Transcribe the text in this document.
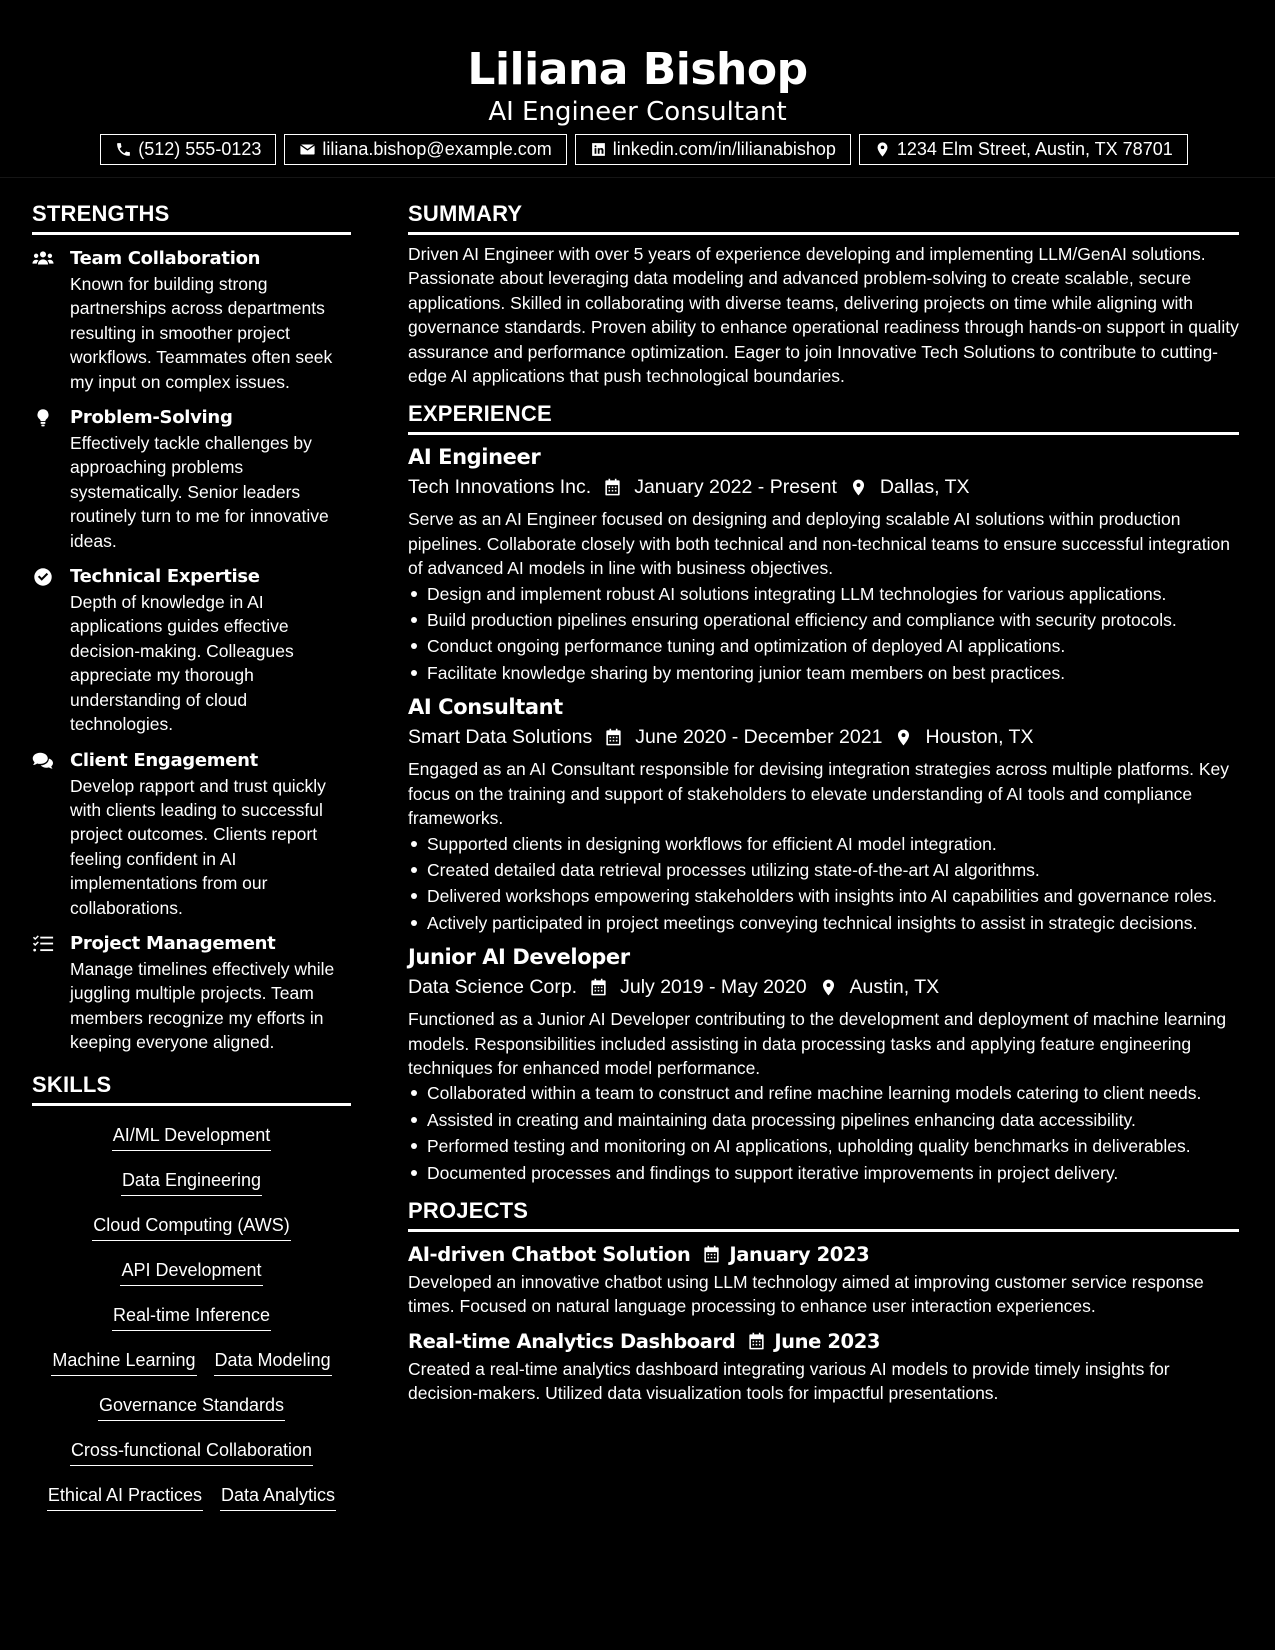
Liliana Bishop
AI Engineer Consultant
(512) 555-0123	liliana.bishop@example.com	linkedin.com/in/lilianabishop	1234 Elm Street, Austin, TX 78701
STRENGTHS
Team Collaboration
Known for building strong partnerships across departments resulting in smoother project workflows. Teammates often seek my input on complex issues.
Problem-Solving
Effectively tackle challenges by approaching problems systematically. Senior leaders routinely turn to me for innovative ideas.
Technical Expertise
Depth of knowledge in AI applications guides effective decision-making. Colleagues appreciate my thorough understanding of cloud technologies.
Client Engagement
Develop rapport and trust quickly with clients leading to successful project outcomes. Clients report feeling confident in AI implementations from our collaborations.
Project Management
Manage timelines effectively while juggling multiple projects. Team members recognize my efforts in keeping everyone aligned.
SKILLS
AI/ML Development
Data Engineering
Cloud Computing (AWS)
API Development
Real-time Inference
Machine Learning Data Modeling
Governance Standards
Cross-functional Collaboration
Ethical AI Practices Data Analytics
SUMMARY
Driven AI Engineer with over 5 years of experience developing and implementing LLM/GenAI solutions. Passionate about leveraging data modeling and advanced problem-solving to create scalable, secure applications. Skilled in collaborating with diverse teams, delivering projects on time while aligning with governance standards. Proven ability to enhance operational readiness through hands-on support in quality assurance and performance optimization. Eager to join Innovative Tech Solutions to contribute to cutting-edge AI applications that push technological boundaries.
EXPERIENCE
AI Engineer
Tech Innovations Inc. January 2022 - Present Dallas, TX
Serve as an AI Engineer focused on designing and deploying scalable AI solutions within production pipelines. Collaborate closely with both technical and non-technical teams to ensure successful integration of advanced AI models in line with business objectives.
Design and implement robust AI solutions integrating LLM technologies for various applications.
Build production pipelines ensuring operational efficiency and compliance with security protocols.
Conduct ongoing performance tuning and optimization of deployed AI applications.
Facilitate knowledge sharing by mentoring junior team members on best practices.
AI Consultant
Smart Data Solutions June 2020 - December 2021 Houston, TX
Engaged as an AI Consultant responsible for devising integration strategies across multiple platforms. Key focus on the training and support of stakeholders to elevate understanding of AI tools and compliance frameworks.
Supported clients in designing workflows for efficient AI model integration.
Created detailed data retrieval processes utilizing state-of-the-art AI algorithms.
Delivered workshops empowering stakeholders with insights into AI capabilities and governance roles.
Actively participated in project meetings conveying technical insights to assist in strategic decisions.
Junior AI Developer
Data Science Corp. July 2019 - May 2020 Austin, TX
Functioned as a Junior AI Developer contributing to the development and deployment of machine learning models. Responsibilities included assisting in data processing tasks and applying feature engineering techniques for enhanced model performance.
Collaborated within a team to construct and refine machine learning models catering to client needs.
Assisted in creating and maintaining data processing pipelines enhancing data accessibility.
Performed testing and monitoring on AI applications, upholding quality benchmarks in deliverables.
Documented processes and findings to support iterative improvements in project delivery.
PROJECTS
AI-driven Chatbot Solution January 2023
Developed an innovative chatbot using LLM technology aimed at improving customer service response times. Focused on natural language processing to enhance user interaction experiences.
Real-time Analytics Dashboard June 2023
Created a real-time analytics dashboard integrating various AI models to provide timely insights for decision-makers. Utilized data visualization tools for impactful presentations.
